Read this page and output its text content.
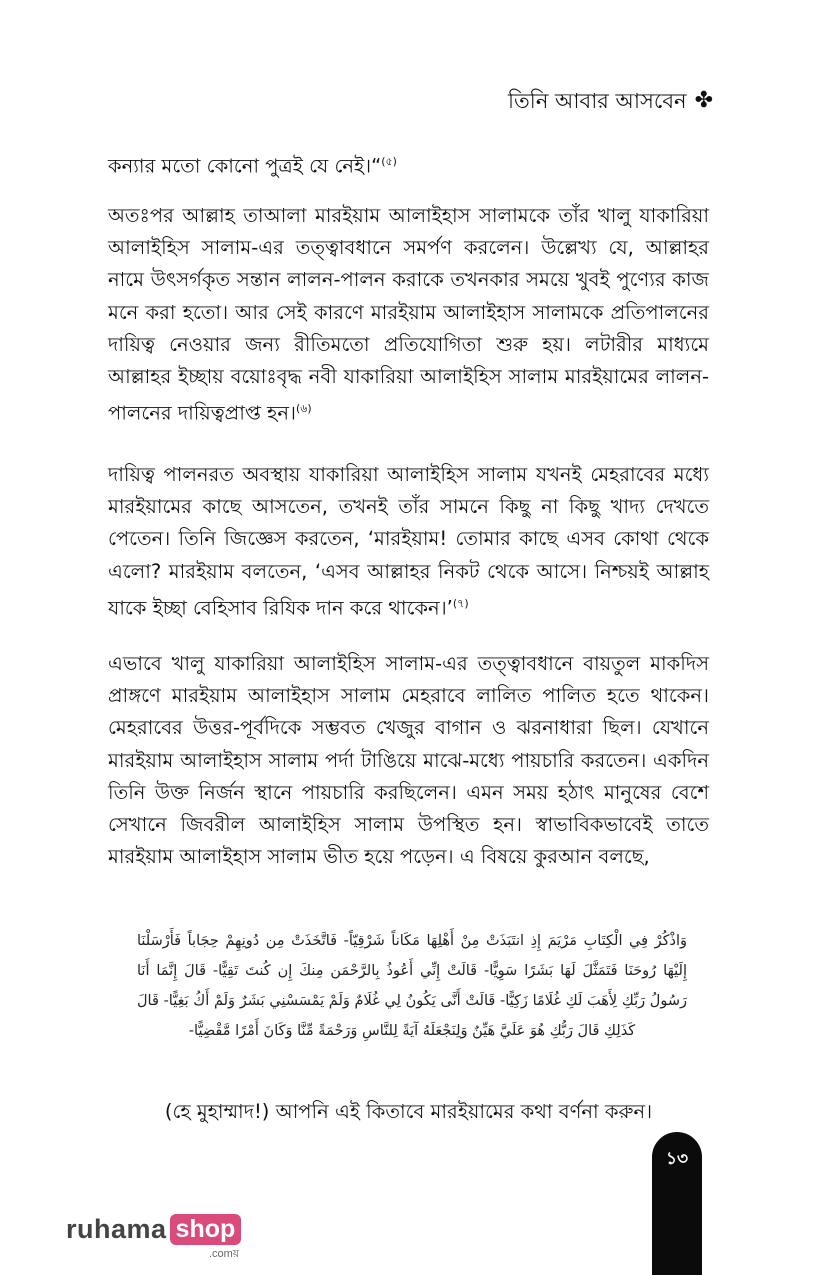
তিনি আবার আসবেন ✤
কন্যার মতো কোনো পুত্রই যে নেই।“$^{(৫)}$
অতঃপর আল্লাহ তাআলা মারইয়াম আলাইহাস সালামকে তাঁর খালু যাকারিয়া আলাইহিস সালাম-এর তত্ত্বাবধানে সমর্পণ করলেন। উল্লেখ্য যে, আল্লাহর নামে উৎসর্গকৃত সন্তান লালন-পালন করাকে তখনকার সময়ে খুবই পুণ্যের কাজ মনে করা হতো। আর সেই কারণে মারইয়াম আলাইহাস সালামকে প্রতিপালনের দায়িত্ব নেওয়ার জন্য রীতিমতো প্রতিযোগিতা শুরু হয়। লটারীর মাধ্যমে আল্লাহর ইচ্ছায় বয়োঃবৃদ্ধ নবী যাকারিয়া আলাইহিস সালাম মারইয়ামের লালন-পালনের দায়িত্বপ্রাপ্ত হন।$^{(৬)}$
দায়িত্ব পালনরত অবস্থায় যাকারিয়া আলাইহিস সালাম যখনই মেহরাবের মধ্যে মারইয়ামের কাছে আসতেন, তখনই তাঁর সামনে কিছু না কিছু খাদ্য দেখতে পেতেন। তিনি জিজ্ঞেস করতেন, ‘মারইয়াম! তোমার কাছে এসব কোথা থেকে এলো? মারইয়াম বলতেন, ‘এসব আল্লাহর নিকট থেকে আসে। নিশ্চয়ই আল্লাহ যাকে ইচ্ছা বেহিসাব রিযিক দান করে থাকেন।’$^{(৭)}$
এভাবে খালু যাকারিয়া আলাইহিস সালাম-এর তত্ত্বাবধানে বায়তুল মাকদিস প্রাঙ্গণে মারইয়াম আলাইহাস সালাম মেহরাবে লালিত পালিত হতে থাকেন। মেহরাবের উত্তর-পূর্বদিকে সম্ভবত খেজুর বাগান ও ঝরনাধারা ছিল। যেখানে মারইয়াম আলাইহাস সালাম পর্দা টাঙিয়ে মাঝে-মধ্যে পায়চারি করতেন। একদিন তিনি উক্ত নির্জন স্থানে পায়চারি করছিলেন। এমন সময় হঠাৎ মানুষের বেশে সেখানে জিবরীল আলাইহিস সালাম উপস্থিত হন। স্বাভাবিকভাবেই তাতে মারইয়াম আলাইহাস সালাম ভীত হয়ে পড়েন। এ বিষয়ে কুরআন বলছে,
وَاذْكُرْ فِي الْكِتَابِ مَرْيَمَ إِذِ انتَبَذَتْ مِنْ أَهْلِهَا مَكَاناً شَرْقِيّاً- فَاتَّخَذَتْ مِن دُونِهِمْ حِجَاباً فَأَرْسَلْنَا إِلَيْهَا رُوحَنَا فَتَمَثَّلَ لَهَا بَشَرًا سَوِيًّا- قَالَتْ إِنِّي أَعُوذُ بِالرَّحْمَن مِنكَ إِن كُنتَ تَقِيًّا- قَالَ إِنَّمَا أَنَا رَسُولُ رَبِّكِ لِأَهَبَ لَكِ غُلَامًا زَكِيًّا- قَالَتْ أَنَّى يَكُونُ لِي غُلَامٌ وَلَمْ يَمْسَسْنِي بَشَرٌ وَلَمْ أَكُ بَغِيًّا- قَالَ كَذَلِكِ قَالَ رَبُّكِ هُوَ عَلَيَّ هَيِّنٌ وَلِنَجْعَلَهُ آيَةً لِلنَّاسِ وَرَحْمَةً مِّنَّا وَكَانَ أَمْرًا مَّقْضِيًّا-
(হে মুহাম্মাদ!) আপনি এই কিতাবে মারইয়ামের কথা বর্ণনা করুন।
১৩
ruhama shop
.comয়
